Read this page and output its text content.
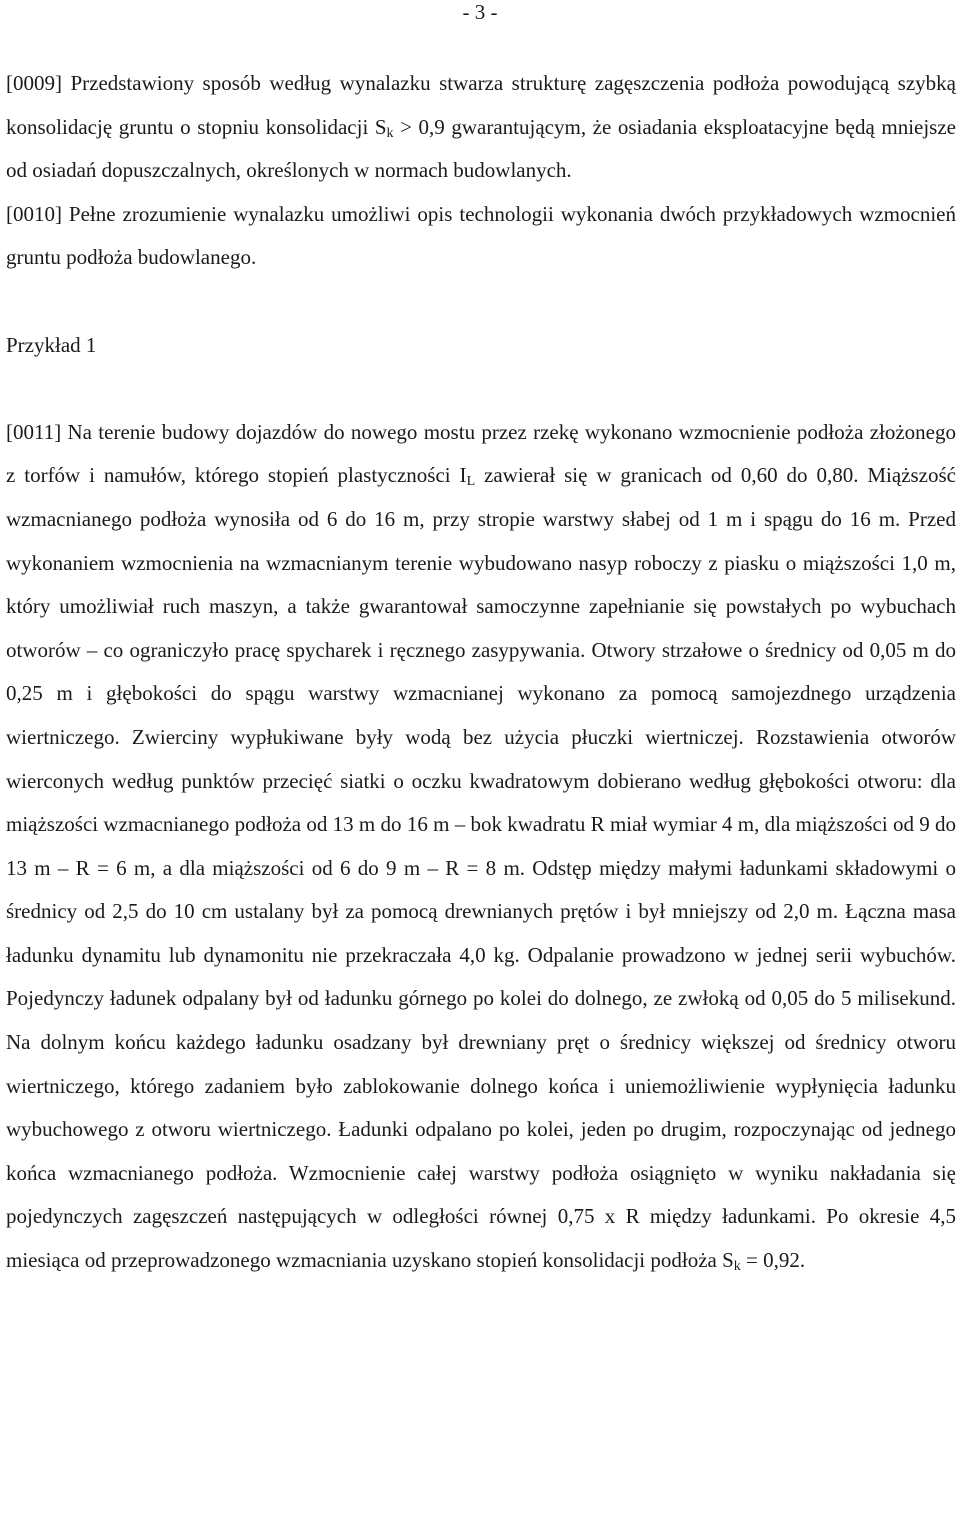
- 3 -

[0009] Przedstawiony sposób według wynalazku stwarza strukturę zagęszczenia podłoża powodującą szybką konsolidację gruntu o stopniu konsolidacji $S_k > 0,9$ gwarantującym, że osiadania eksploatacyjne będą mniejsze od osiadań dopuszczalnych, określonych w normach budowlanych.

[0010] Pełne zrozumienie wynalazku umożliwi opis technologii wykonania dwóch przykładowych wzmocnień gruntu podłoża budowlanego.

Przykład 1

[0011] Na terenie budowy dojazdów do nowego mostu przez rzekę wykonano wzmocnienie podłoża złożonego z torfów i namułów, którego stopień plastyczności $I_L$ zawierał się w granicach od 0,60 do 0,80. Miąższość wzmacnianego podłoża wynosiła od 6 do 16 m, przy stropie warstwy słabej od 1 m i spągu do 16 m. Przed wykonaniem wzmocnienia na wzmacnianym terenie wybudowano nasyp roboczy z piasku o miąższości 1,0 m, który umożliwiał ruch maszyn, a także gwarantował samoczynne zapełnianie się powstałych po wybuchach otworów – co ograniczyło pracę spycharek i ręcznego zasypywania. Otwory strzałowe o średnicy od 0,05 m do 0,25 m i głębokości do spągu warstwy wzmacnianej wykonano za pomocą samojezdnego urządzenia wiertniczego. Zwierciny wypłukiwane były wodą bez użycia płuczki wiertniczej. Rozstawienia otworów wierconych według punktów przecięć siatki o oczku kwadratowym dobierano według głębokości otworu: dla miąższości wzmacnianego podłoża od 13 m do 16 m – bok kwadratu R miał wymiar 4 m, dla miąższości od 9 do 13 m – R = 6 m, a dla miąższości od 6 do 9 m – R = 8 m. Odstęp między małymi ładunkami składowymi o średnicy od 2,5 do 10 cm ustalany był za pomocą drewnianych prętów i był mniejszy od 2,0 m. Łączna masa ładunku dynamitu lub dynamonitu nie przekraczała 4,0 kg. Odpalanie prowadzono w jednej serii wybuchów. Pojedynczy ładunek odpalany był od ładunku górnego po kolei do dolnego, ze zwłoką od 0,05 do 5 milisekund. Na dolnym końcu każdego ładunku osadzany był drewniany pręt o średnicy większej od średnicy otworu wiertniczego, którego zadaniem było zablokowanie dolnego końca i uniemożliwienie wypłynięcia ładunku wybuchowego z otworu wiertniczego. Ładunki odpalano po kolei, jeden po drugim, rozpoczynając od jednego końca wzmacnianego podłoża. Wzmocnienie całej warstwy podłoża osiągnięto w wyniku nakładania się pojedynczych zagęszczeń następujących w odległości równej 0,75 x R między ładunkami. Po okresie 4,5 miesiąca od przeprowadzonego wzmacniania uzyskano stopień konsolidacji podłoża $S_k = 0,92$.
